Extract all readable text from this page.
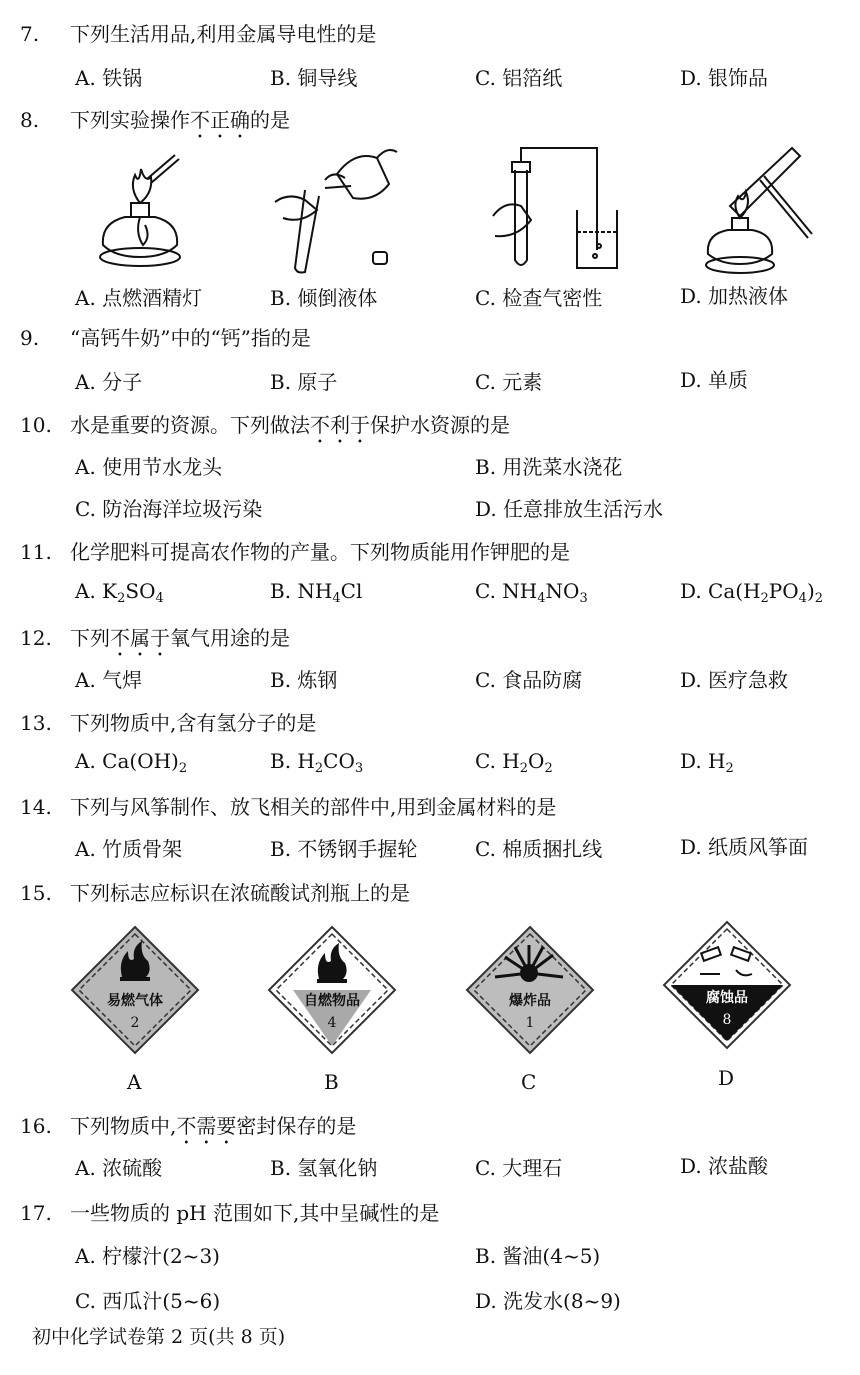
7. 下列生活用品,利用金属导电性的是
8. 下列实验操作不正确的是
9. “高钙牛奶”中的“钙”指的是
10. 水是重要的资源。下列做法不利于保护水资源的是
11. 化学肥料可提高农作物的产量。下列物质能用作钾肥的是
12. 下列不属于氧气用途的是
13. 下列物质中,含有氢分子的是
14. 下列与风筝制作、放飞相关的部件中,用到金属材料的是
15. 下列标志应标识在浓硫酸试剂瓶上的是
16. 下列物质中,不需要密封保存的是
17. 一些物质的 pH 范围如下,其中呈碱性的是
A. 铁锅	B. 铜导线	C. 铝箔纸	D. 银饰品
A. 点燃酒精灯	B. 倾倒液体	C. 检查气密性	D. 加热液体
A. 分子	B. 原子	C. 元素	D. 单质
A. 使用节水龙头	B. 用洗菜水浇花
C. 防治海洋垃圾污染	D. 任意排放生活污水
A. $K_2SO_4$	B. $NH_4Cl$	C. $NH_4NO_3$	D. $Ca(H_2PO_4)_2$
A. 气焊	B. 炼钢	C. 食品防腐	D. 医疗急救
A. $Ca(OH)_2$	B. $H_2CO_3$	C. $H_2O_2$	D. $H_2$
A. 竹质骨架	B. 不锈钢手握轮	C. 棉质捆扎线	D. 纸质风筝面
A	B	C	D
A. 浓硫酸	B. 氢氧化钠	C. 大理石	D. 浓盐酸
A. 柠檬汁(2~3)	B. 酱油(4~5)
C. 西瓜汁(5~6)	D. 洗发水(8~9)
易燃气体
2
自燃物品
4
爆炸品
1
腐蚀品
8
初中化学试卷第 2 页(共 8 页)
